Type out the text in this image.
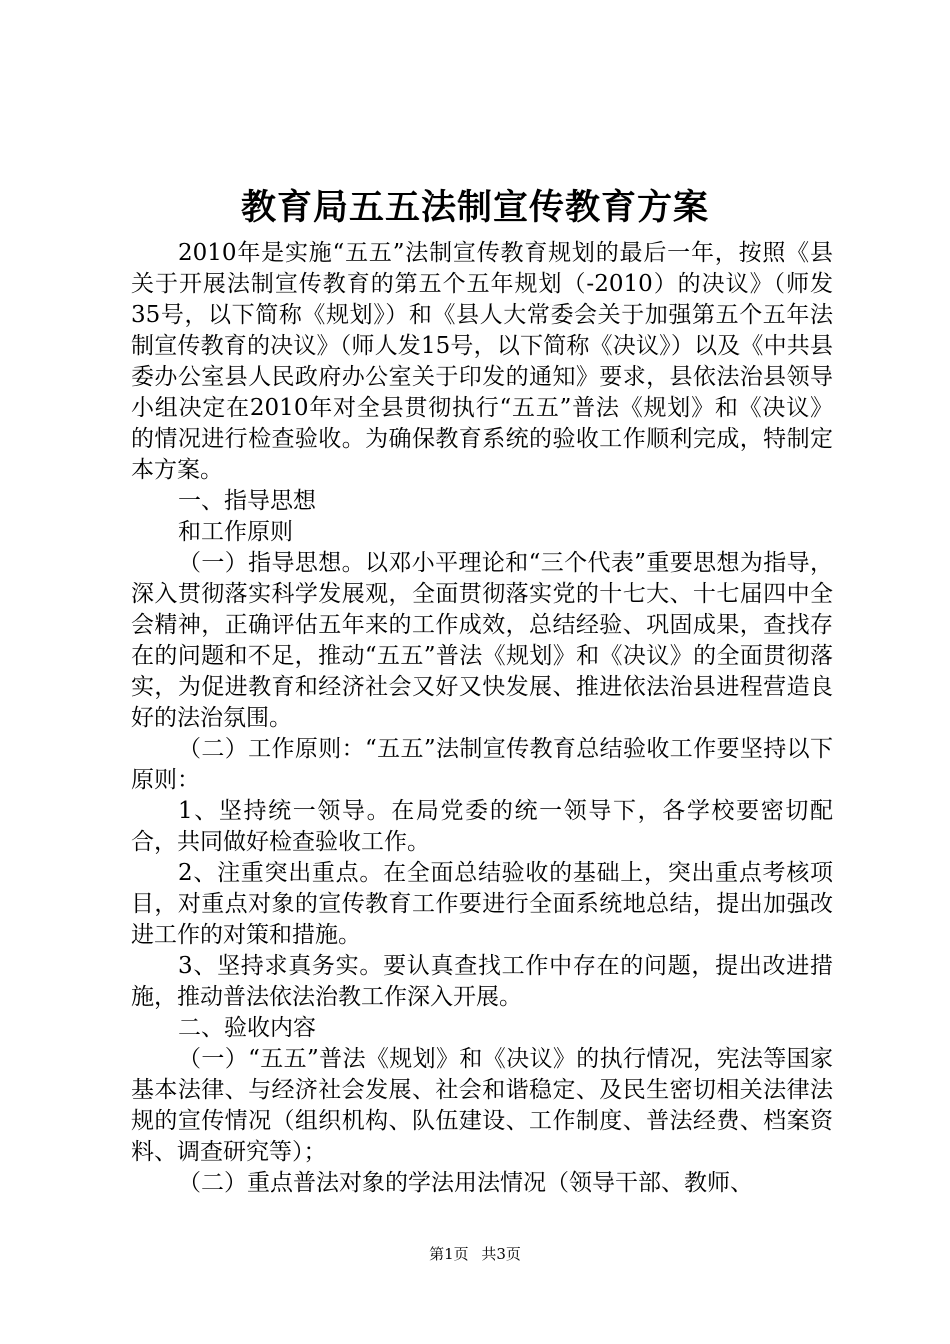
教育局五五法制宣传教育方案

2010年是实施“五五”法制宣传教育规划的最后一年，按照《县关于开展法制宣传教育的第五个五年规划（-2010）的决议》（师发35号，以下简称《规划》）和《县人大常委会关于加强第五个五年法制宣传教育的决议》（师人发15号，以下简称《决议》）以及《中共县委办公室县人民政府办公室关于印发的通知》要求，县依法治县领导小组决定在2010年对全县贯彻执行“五五”普法《规划》和《决议》的情况进行检查验收。为确保教育系统的验收工作顺利完成，特制定本方案。

一、指导思想

和工作原则

（一）指导思想。以邓小平理论和“三个代表”重要思想为指导，深入贯彻落实科学发展观，全面贯彻落实党的十七大、十七届四中全会精神，正确评估五年来的工作成效，总结经验、巩固成果，查找存在的问题和不足，推动“五五”普法《规划》和《决议》的全面贯彻落实，为促进教育和经济社会又好又快发展、推进依法治县进程营造良好的法治氛围。

（二）工作原则：“五五”法制宣传教育总结验收工作要坚持以下原则：

1、坚持统一领导。在局党委的统一领导下，各学校要密切配合，共同做好检查验收工作。

2、注重突出重点。在全面总结验收的基础上，突出重点考核项目，对重点对象的宣传教育工作要进行全面系统地总结，提出加强改进工作的对策和措施。

3、坚持求真务实。要认真查找工作中存在的问题，提出改进措施，推动普法依法治教工作深入开展。

二、验收内容

（一）“五五”普法《规划》和《决议》的执行情况，宪法等国家基本法律、与经济社会发展、社会和谐稳定、及民生密切相关法律法规的宣传情况（组织机构、队伍建设、工作制度、普法经费、档案资料、调查研究等）；

（二）重点普法对象的学法用法情况（领导干部、教师、

第1页 共3页
